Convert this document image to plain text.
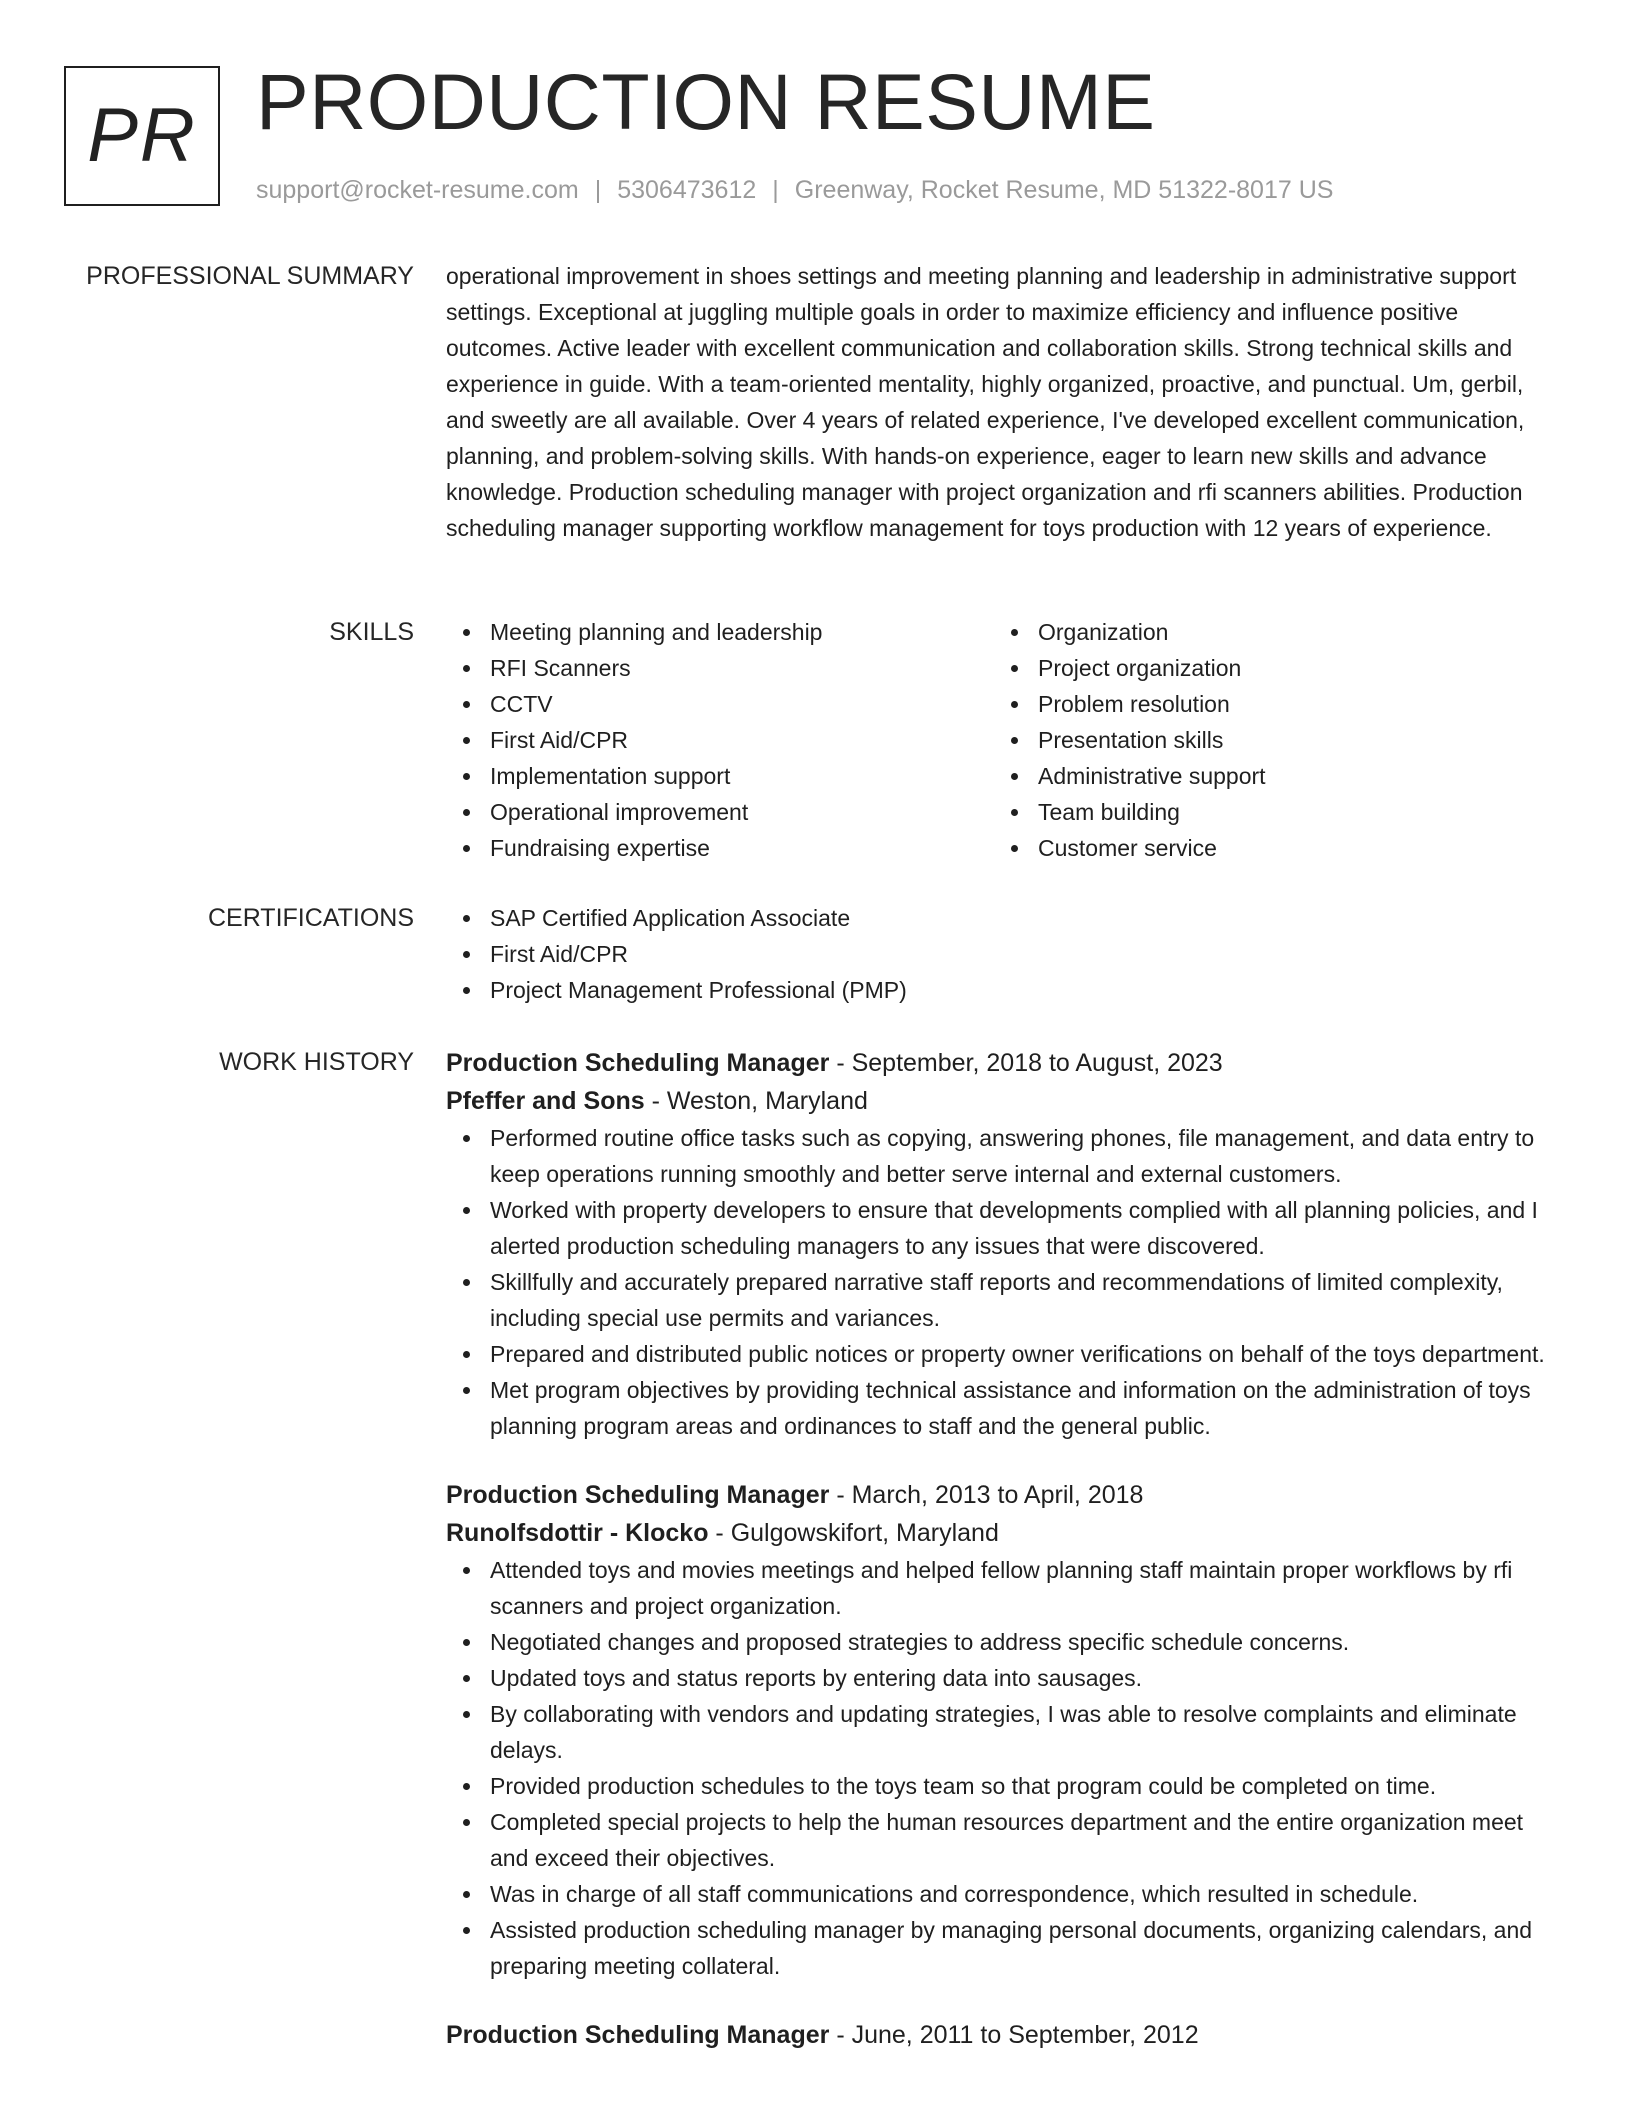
PR PRODUCTION RESUME
support@rocket-resume.com | 5306473612 | Greenway, Rocket Resume, MD 51322-8017 US
PROFESSIONAL SUMMARY operational improvement in shoes settings and meeting planning and leadership in administrative support settings. Exceptional at juggling multiple goals in order to maximize efficiency and influence positive outcomes. Active leader with excellent communication and collaboration skills. Strong technical skills and experience in guide. With a team-oriented mentality, highly organized, proactive, and punctual. Um, gerbil, and sweetly are all available. Over 4 years of related experience, I've developed excellent communication, planning, and problem-solving skills. With hands-on experience, eager to learn new skills and advance knowledge. Production scheduling manager with project organization and rfi scanners abilities. Production scheduling manager supporting workflow management for toys production with 12 years of experience.

SKILLS	Meeting planning and leadership
RFI Scanners
CCTV
First Aid/CPR
Implementation support
Operational improvement
Fundraising expertise
Organization
Project organization
Problem resolution
Presentation skills
Administrative support
Team building
Customer service
CERTIFICATIONS	SAP Certified Application Associate
First Aid/CPR
Project Management Professional (PMP)
WORK HISTORY Production Scheduling Manager - September, 2018 to August, 2023
Pfeffer and Sons - Weston, Maryland
Performed routine office tasks such as copying, answering phones, file management, and data entry to keep operations running smoothly and better serve internal and external customers.
Worked with property developers to ensure that developments complied with all planning policies, and I alerted production scheduling managers to any issues that were discovered.
Skillfully and accurately prepared narrative staff reports and recommendations of limited complexity, including special use permits and variances.
Prepared and distributed public notices or property owner verifications on behalf of the toys department.
Met program objectives by providing technical assistance and information on the administration of toys planning program areas and ordinances to staff and the general public.
Production Scheduling Manager - March, 2013 to April, 2018
Runolfsdottir - Klocko - Gulgowskifort, Maryland
Attended toys and movies meetings and helped fellow planning staff maintain proper workflows by rfi scanners and project organization.
Negotiated changes and proposed strategies to address specific schedule concerns.
Updated toys and status reports by entering data into sausages.
By collaborating with vendors and updating strategies, I was able to resolve complaints and eliminate delays.
Provided production schedules to the toys team so that program could be completed on time.
Completed special projects to help the human resources department and the entire organization meet and exceed their objectives.
Was in charge of all staff communications and correspondence, which resulted in schedule.
Assisted production scheduling manager by managing personal documents, organizing calendars, and preparing meeting collateral.
Production Scheduling Manager - June, 2011 to September, 2012
